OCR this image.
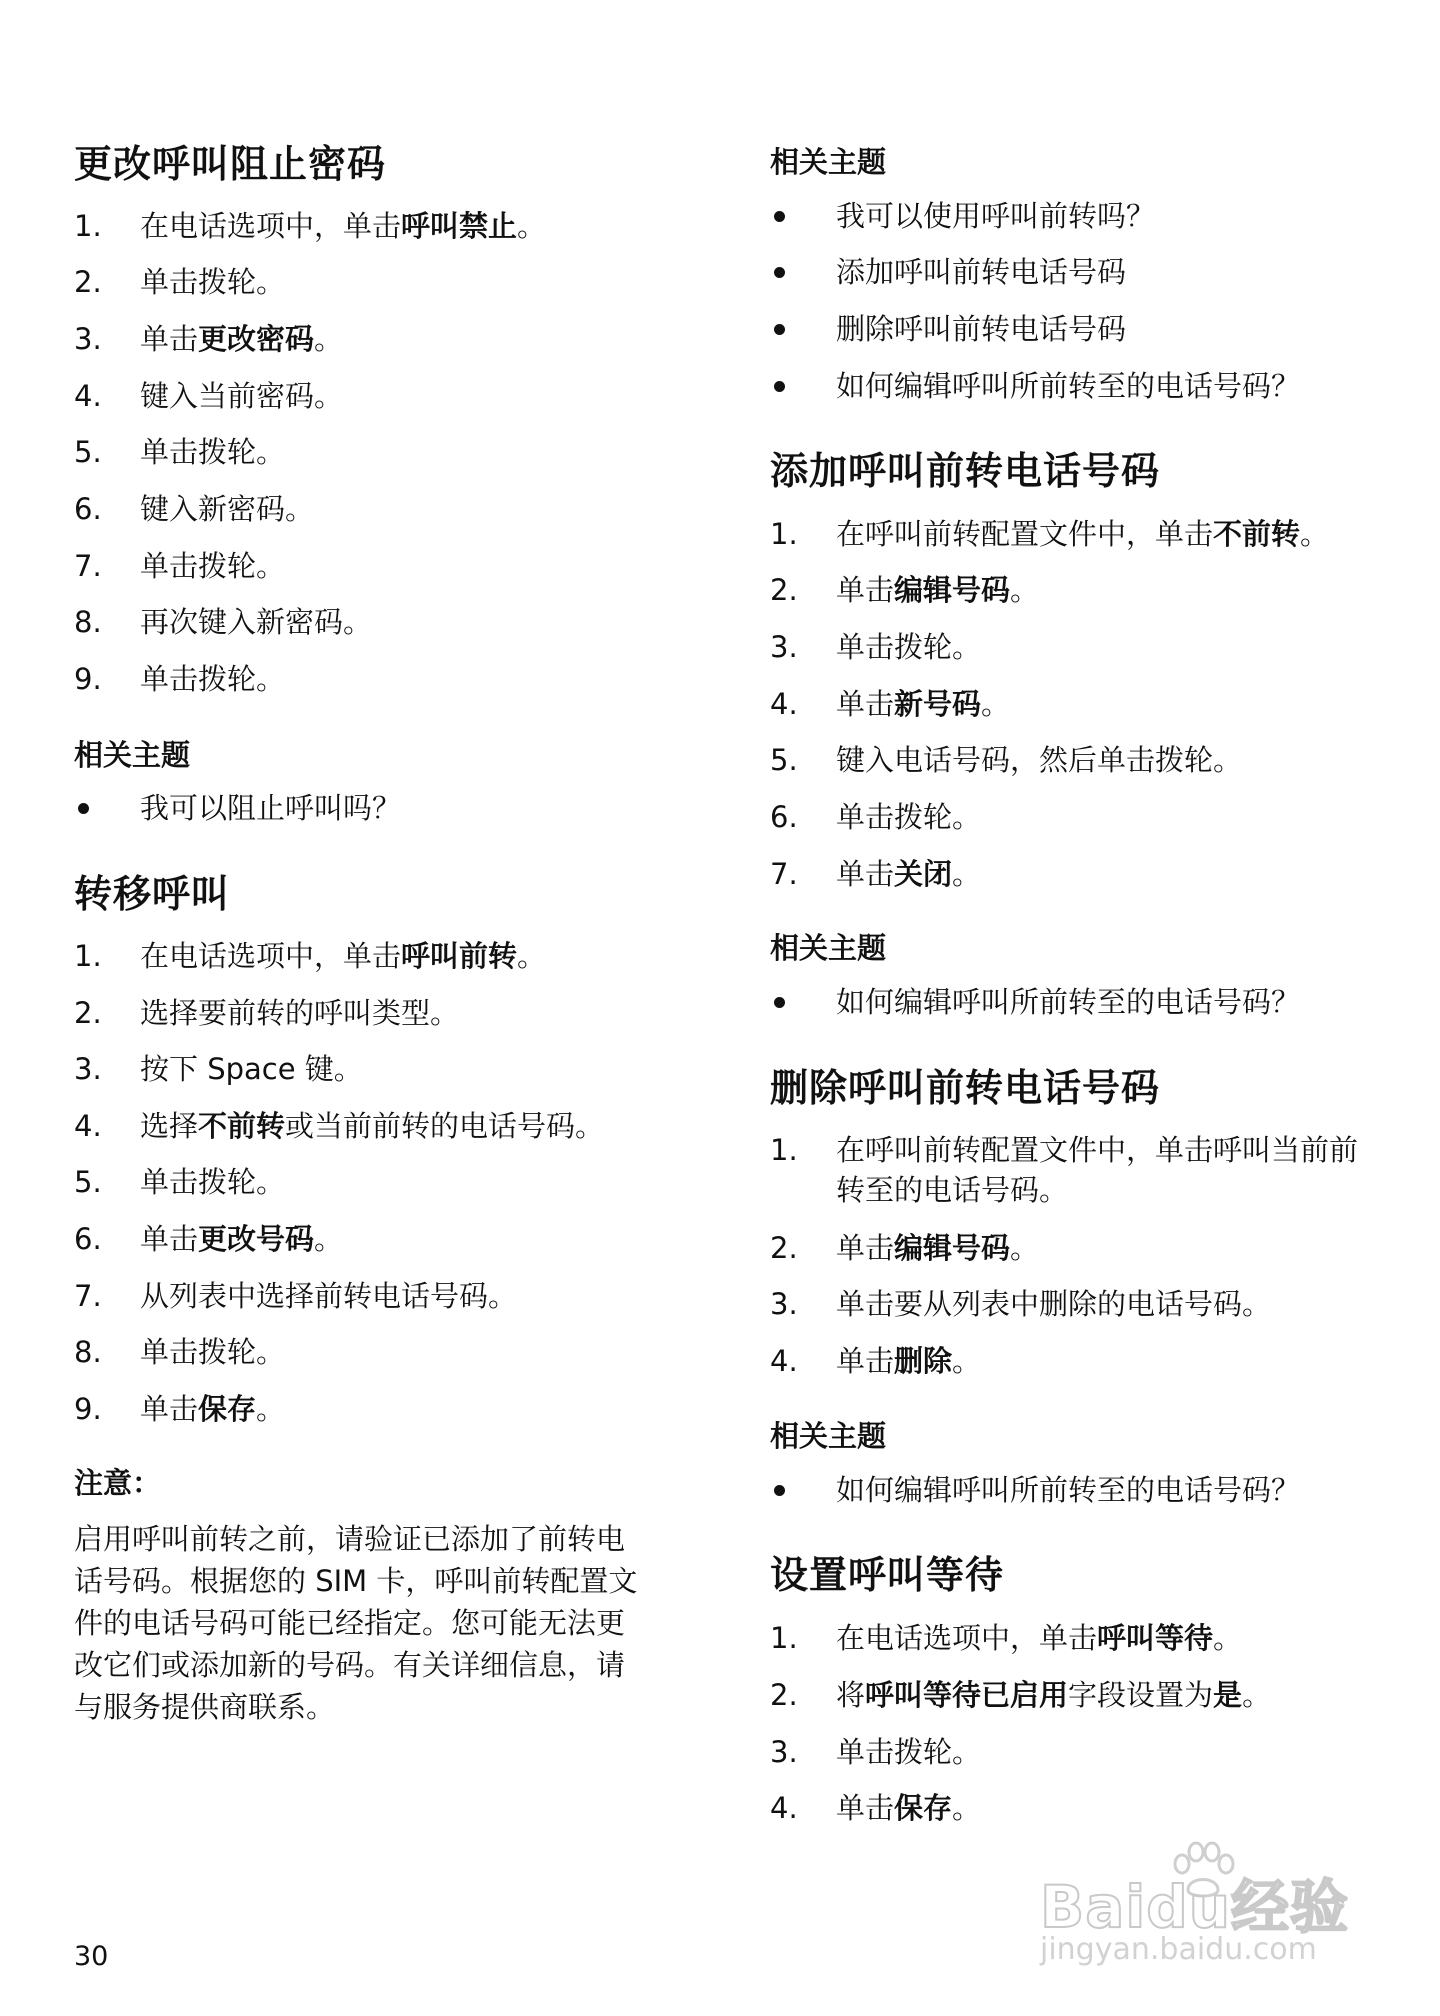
更改呼叫阻止密码
1.	在电话选项中，单击呼叫禁止。
2.	单击拨轮。
3.	单击更改密码。
4.	键入当前密码。
5.	单击拨轮。
6.	键入新密码。
7.	单击拨轮。
8.	再次键入新密码。
9.	单击拨轮。
相关主题
我可以阻止呼叫吗？
转移呼叫
1.	在电话选项中，单击呼叫前转。
2.	选择要前转的呼叫类型。
3.	按下 Space 键。
4.	选择不前转或当前前转的电话号码。
5.	单击拨轮。
6.	单击更改号码。
7.	从列表中选择前转电话号码。
8.	单击拨轮。
9.	单击保存。
注意：
启用呼叫前转之前，请验证已添加了前转电
话号码。根据您的 SIM 卡，呼叫前转配置文
件的电话号码可能已经指定。您可能无法更
改它们或添加新的号码。有关详细信息，请
与服务提供商联系。
相关主题
我可以使用呼叫前转吗？
添加呼叫前转电话号码
删除呼叫前转电话号码
如何编辑呼叫所前转至的电话号码？
添加呼叫前转电话号码
1.	在呼叫前转配置文件中，单击不前转。
2.	单击编辑号码。
3.	单击拨轮。
4.	单击新号码。
5.	键入电话号码，然后单击拨轮。
6.	单击拨轮。
7.	单击关闭。
相关主题
如何编辑呼叫所前转至的电话号码？
删除呼叫前转电话号码
1.	在呼叫前转配置文件中，单击呼叫当前前转至的电话号码。
2.	单击编辑号码。
3.	单击要从列表中删除的电话号码。
4.	单击删除。
相关主题
如何编辑呼叫所前转至的电话号码？
设置呼叫等待
1.	在电话选项中，单击呼叫等待。
2.	将呼叫等待已启用字段设置为是。
3.	单击拨轮。
4.	单击保存。
30
Baidu经验
jingyan.baidu.com
